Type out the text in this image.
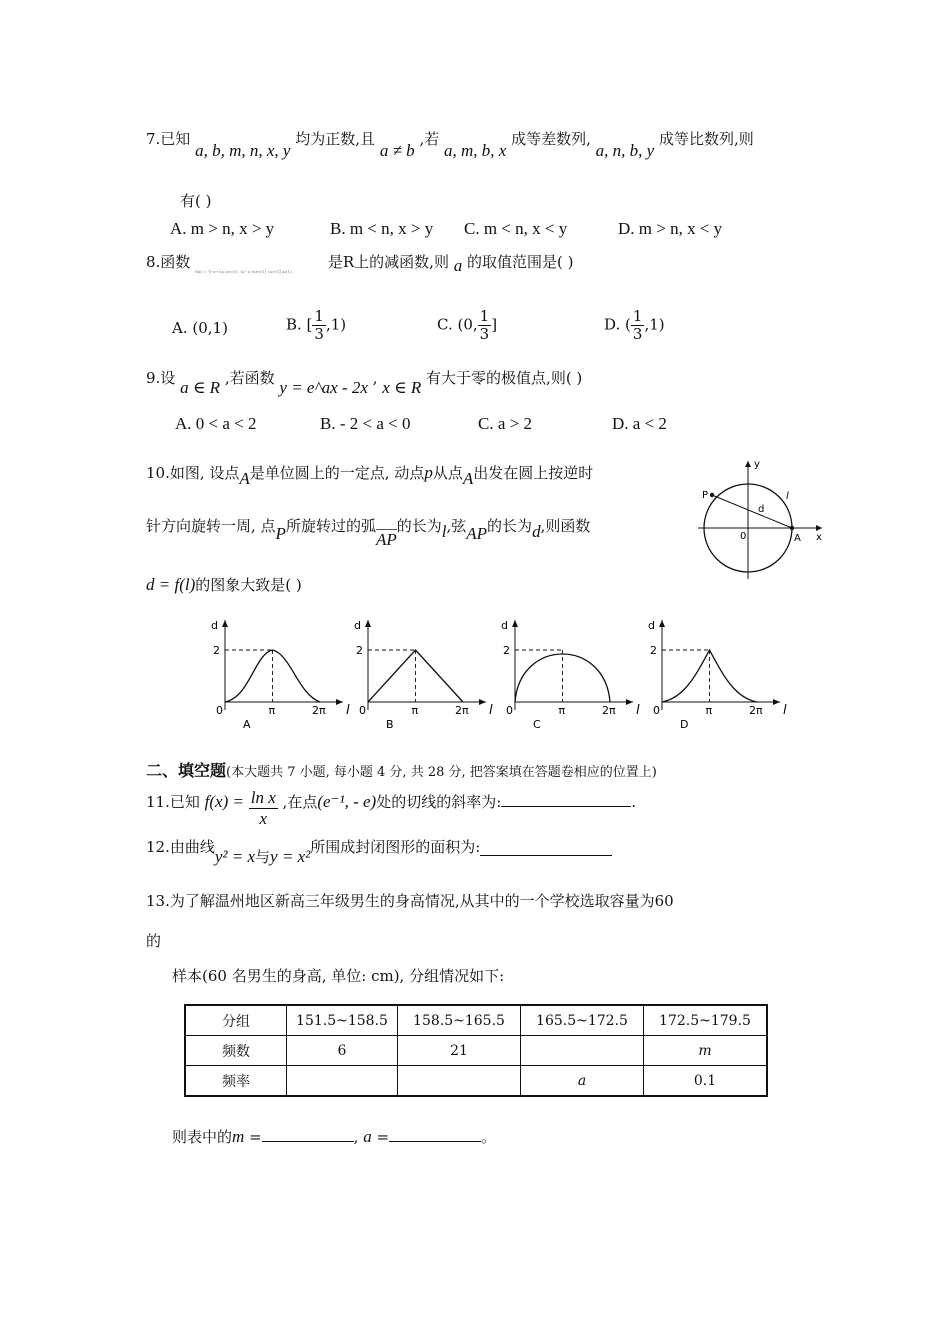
7.已知 a, b, m, n, x, y 均为正数,且 a ≠ b ,若 a, m, b, x 成等差数列, a, n, b, y 成等比数列,则
有( )
A. m > n, x > y	B. m < n, x > y C. m < n, x < y	D. m > n, x < y
8.函数 f(x) = {(-x+3a (x<0)), (a^x (x≥0))} (a>0且a≠1) 是R上的减函数,则 a 的取值范围是( )
A. (0,1)	B. [ $\frac{1}{3} ,1$)	C. (0, $\frac{1}{3}$ ]	D. ( $\frac{1}{3} ,1$)
9.设 a ∈ R ,若函数 y = e^ax - 2x , x ∈ R 有大于零的极值点,则( )
A. 0 < a < 2	B. - 2 < a < 0	C. a > 2	D. a < 2
10.如图, 设点A是单位圆上的一定点, 动点p从点A出发在圆上按逆时
针方向旋转一周, 点P所旋转过的弧AP的长为l,弦AP的长为d,则函数
d = f(l)的图象大致是( )
y
x
P
A
0
d
l
d
2
0	π	2π l
A
d
2
0	π	2π l
B
d
2
0	π	2π l
C
d
2
0	π	2π l
D
二、填空题(本大题共 7 小题, 每小题 4 分, 共 28 分, 把答案填在答题卷相应的位置上)
11.已知 $f(x) = \frac{\text{ln x}}{x}$ ,在点(e⁻¹, - e)处的切线的斜率为:	.
12.由曲线y² = x与y = x²所围成封闭图形的面积为:
13.为了解温州地区新高三年级男生的身高情况,从其中的一个学校选取容量为60
的
样本(60 名男生的身高, 单位: cm), 分组情况如下:
分组	151.5~158.5	158.5~165.5	165.5~172.5	172.5~179.5
频数	6	21		m
频率			a	0.1
则表中的m =	, a =	。
